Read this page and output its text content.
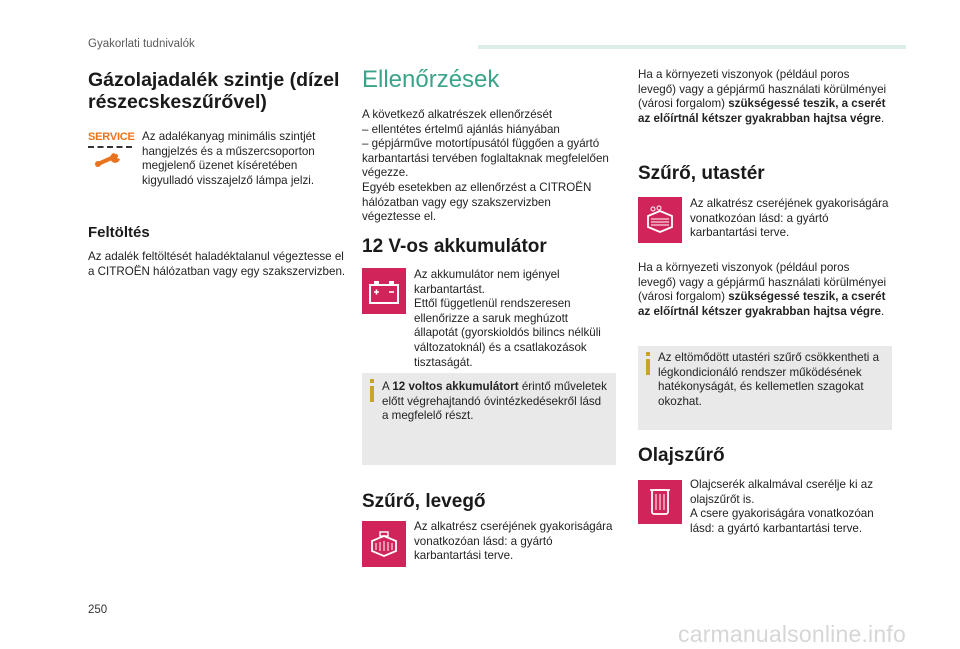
Gyakorlati tudnivalók
Gázolajadalék szintje (dízel részecskeszűrővel)
SERVICE Az adalékanyag minimális szintjét hangjelzés és a műszercsoporton megjelenő üzenet kíséretében kigyulladó visszajelző lámpa jelzi.
Feltöltés
Az adalék feltöltését haladéktalanul végeztesse el a CITROËN hálózatban vagy egy szakszervizben.
Ellenőrzések
A következő alkatrészek ellenőrzését
– ellentétes értelmű ajánlás hiányában
– gépjárműve motortípusától függően a gyártó karbantartási tervében foglaltaknak megfelelően végezze.
Egyéb esetekben az ellenőrzést a CITROËN hálózatban vagy egy szakszervizben végeztesse el.
12 V-os akkumulátor
Az akkumulátor nem igényel karbantartást.
Ettől függetlenül rendszeresen ellenőrizze a saruk meghúzott állapotát (gyorskioldós bilincs nélküli változatoknál) és a csatlakozások tisztaságát.
A 12 voltos akkumulátort érintő műveletek előtt végrehajtandó óvintézkedésekről lásd a megfelelő részt.
Szűrő, levegő
Az alkatrész cseréjének gyakoriságára vonatkozóan lásd: a gyártó karbantartási terve.
Ha a környezeti viszonyok (például poros levegő) vagy a gépjármű használati körülményei (városi forgalom) szükségessé teszik, a cserét az előírtnál kétszer gyakrabban hajtsa végre.
Szűrő, utastér
Az alkatrész cseréjének gyakoriságára vonatkozóan lásd: a gyártó karbantartási terve.
Ha a környezeti viszonyok (például poros levegő) vagy a gépjármű használati körülményei (városi forgalom) szükségessé teszik, a cserét az előírtnál kétszer gyakrabban hajtsa végre.
Az eltömődött utastéri szűrő csökkentheti a légkondicionáló rendszer működésének hatékonyságát, és kellemetlen szagokat okozhat.
Olajszűrő
Olajcserék alkalmával cserélje ki az olajszűrőt is.
A csere gyakoriságára vonatkozóan lásd: a gyártó karbantartási terve.
250
carmanualsonline.info
